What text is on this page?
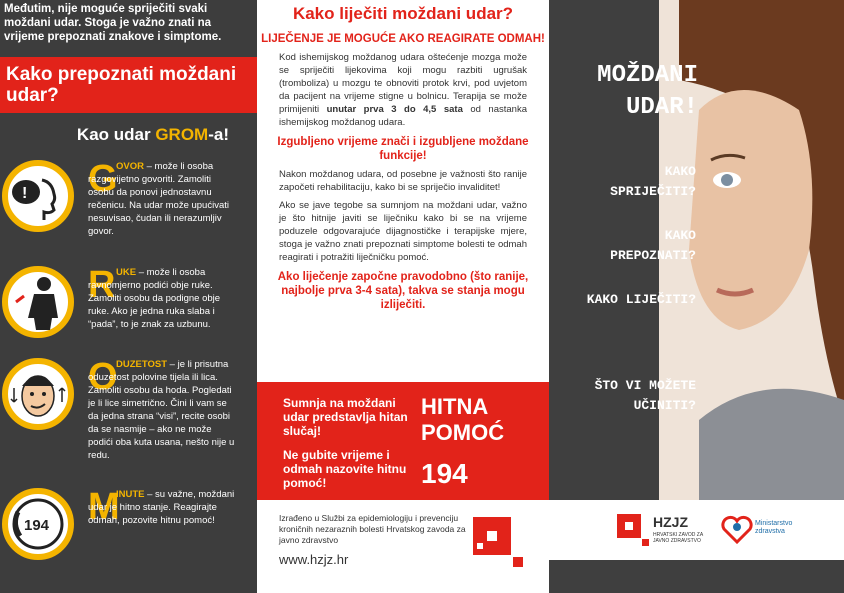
Međutim, nije moguće spriječiti svaki moždani udar. Stoga je važno znati na vrijeme prepoznati znakove i simptome.
Kako prepoznati moždani udar?
Kao udar GROM-a!
! G
OVOR – može li osoba razgovijetno govoriti. Zamoliti osobu da ponovi jednostavnu rečenicu. Na udar može upućivati nesuvisao, čudan ili nerazumljiv govor.
R UKE – može li osoba ravnomjerno podići obje ruke. Zamoliti osobu da podigne obje ruke. Ako je jedna ruka slaba i “pada”, to je znak za uzbunu.
O
DUZETOST – je li prisutna oduzetost polovine tijela ili lica. Zamoliti osobu da hoda. Pogledati je li lice simetrično. Čini li vam se da jedna strana “visi”, recite osobi da se nasmije – ako ne može podići oba kuta usana, nešto nije u redu.
194 M
INUTE – su važne, moždani udar je hitno stanje. Reagirajte odmah, pozovite hitnu pomoć!
Kako liječiti moždani udar?
LIJEČENJE JE MOGUĆE AKO REAGIRATE ODMAH!

Kod ishemijskog moždanog udara oštećenje mozga može se spriječiti lijekovima koji mogu razbiti ugrušak (tromboliza) u mozgu te obnoviti protok krvi, pod uvjetom da pacijent na vrijeme stigne u bolnicu. Terapija se može primijeniti unutar prva 3 do 4,5 sata od nastanka ishemijskog moždanog udara.

Izgubljeno vrijeme znači i izgubljene moždane funkcije!

Nakon moždanog udara, od posebne je važnosti što ranije započeti rehabilitaciju, kako bi se spriječio invaliditet!

Ako se jave tegobe sa sumnjom na moždani udar, važno je što hitnije javiti se liječniku kako bi se na vrijeme poduzele odgovarajuće dijagnostičke i terapijske mjere, stoga je važno znati prepoznati simptome bolesti te odmah reagirati i potražiti liječničku pomoć.

Ako liječenje započne pravodobno (što ranije, najbolje prva 3-4 sata), takva se stanja mogu izliječiti.
Sumnja na moždani udar predstavlja hitan slučaj!
Ne gubite vrijeme i odmah nazovite hitnu pomoć!
HITNA POMOĆ
194
Izrađeno u Službi za epidemiologiju i prevenciju kroničnih nezaraznih bolesti Hrvatskog zavoda za javno zdravstvo
www.hzjz.hr
MOŽDANI UDAR!
KAKO SPRIJEČITI?
KAKO PREPOZNATI?
KAKO LIJEČITI?
ŠTO VI MOŽETE UČINITI?
HZJZ
HRVATSKI ZAVOD ZA JAVNO ZDRAVSTVO
Ministarstvo zdravstva
